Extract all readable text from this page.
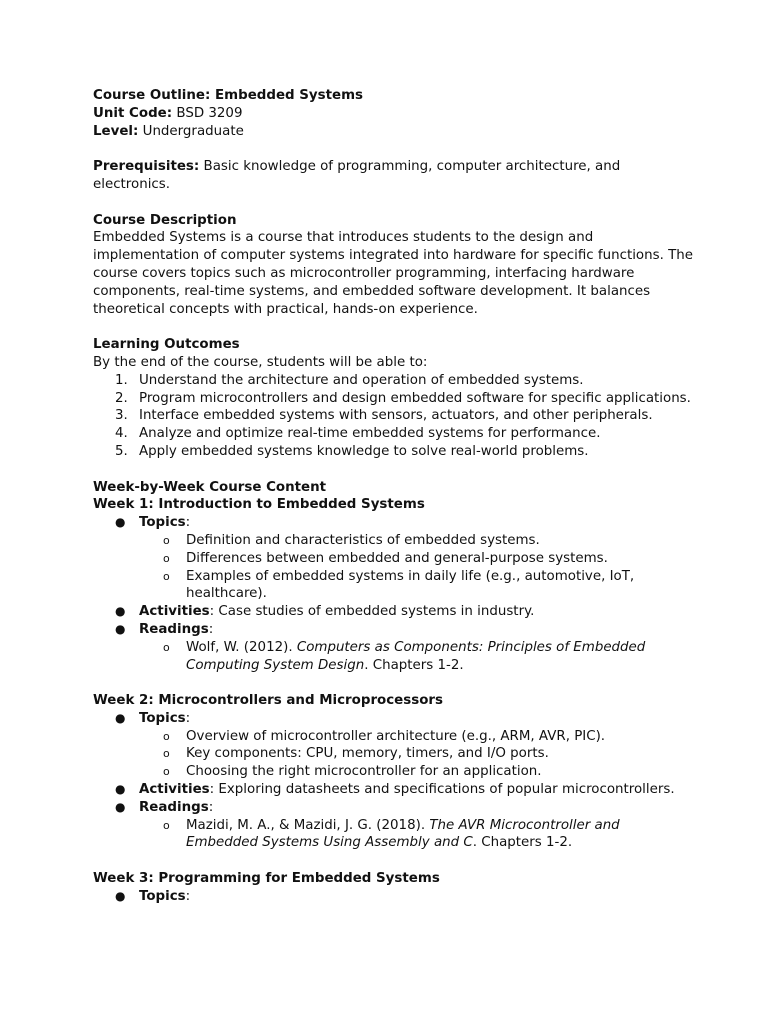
Course Outline: Embedded Systems

Unit Code: BSD 3209

Level: Undergraduate

Prerequisites: Basic knowledge of programming, computer architecture, and electronics.

Course Description

Embedded Systems is a course that introduces students to the design and implementation of computer systems integrated into hardware for specific functions. The course covers topics such as microcontroller programming, interfacing hardware components, real-time systems, and embedded software development. It balances theoretical concepts with practical, hands-on experience.

Learning Outcomes

By the end of the course, students will be able to:

1. Understand the architecture and operation of embedded systems.
2. Program microcontrollers and design embedded software for specific applications.
3. Interface embedded systems with sensors, actuators, and other peripherals.
4. Analyze and optimize real-time embedded systems for performance.
5. Apply embedded systems knowledge to solve real-world problems.

Week-by-Week Course Content

Week 1: Introduction to Embedded Systems

● Topics:
o Definition and characteristics of embedded systems.
o Differences between embedded and general-purpose systems.
o Examples of embedded systems in daily life (e.g., automotive, IoT, healthcare).
● Activities: Case studies of embedded systems in industry.
● Readings:
o Wolf, W. (2012). Computers as Components: Principles of Embedded Computing System Design. Chapters 1-2.

Week 2: Microcontrollers and Microprocessors

● Topics:
o Overview of microcontroller architecture (e.g., ARM, AVR, PIC).
o Key components: CPU, memory, timers, and I/O ports.
o Choosing the right microcontroller for an application.
● Activities: Exploring datasheets and specifications of popular microcontrollers.
● Readings:
o Mazidi, M. A., & Mazidi, J. G. (2018). The AVR Microcontroller and Embedded Systems Using Assembly and C. Chapters 1-2.

Week 3: Programming for Embedded Systems

● Topics:
